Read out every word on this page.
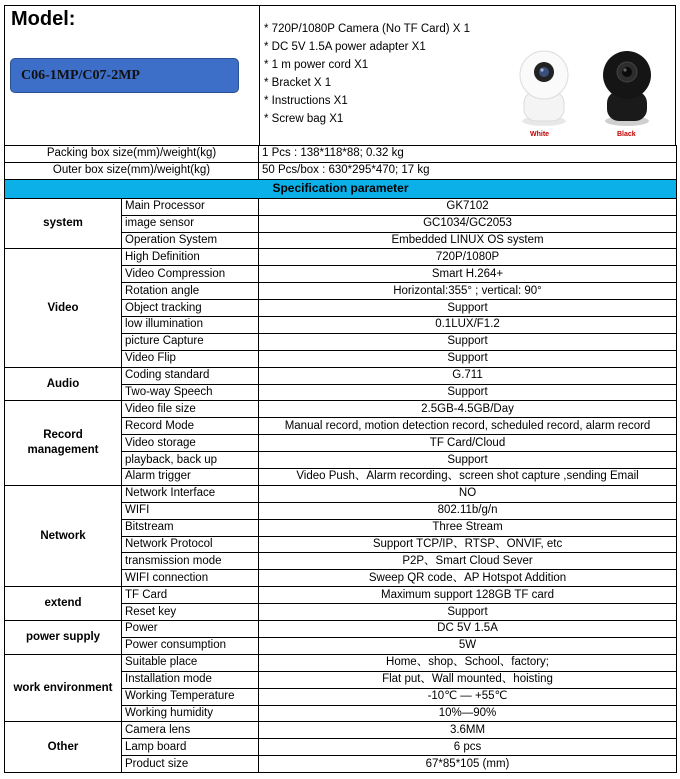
Model:
C06-1MP/C07-2MP
* 720P/1080P Camera (No TF Card) X 1
* DC 5V 1.5A power adapter X1
* 1 m power cord X1
* Bracket X 1
* Instructions X1
* Screw bag X1
White	Black
Packing box size(mm)/weight(kg)		1 Pcs : 138*118*88; 0.32 kg
Outer box size(mm)/weight(kg)		50 Pcs/box : 630*295*470; 17 kg
Specification parameter		
system	Main Processor	GK7102
	image sensor	GC1034/GC2053
	Operation System	Embedded LINUX OS system
Video	High Definition	720P/1080P
	Video Compression	Smart H.264+
	Rotation angle	Horizontal:355° ; vertical: 90°
	Object tracking	Support
	low illumination	0.1LUX/F1.2
	picture Capture	Support
	Video Flip	Support
Audio	Coding standard	G.711
	Two-way Speech	Support
Record management	Video file size	2.5GB-4.5GB/Day
	Record Mode	Manual record, motion detection record, scheduled record, alarm record
	Video storage	TF Card/Cloud
	playback, back up	Support
	Alarm trigger	Video Push、Alarm recording、screen shot capture ,sending Email
Network	Network Interface	NO
	WIFI	802.11b/g/n
	Bitstream	Three Stream
	Network Protocol	Support TCP/IP、RTSP、ONVIF, etc
	transmission mode	P2P、Smart Cloud Sever
	WIFI connection	Sweep QR code、AP Hotspot Addition
extend	TF Card	Maximum support 128GB TF card
	Reset key	Support
power supply	Power	DC 5V 1.5A
	Power consumption	5W
work environment	Suitable place	Home、shop、School、factory;
	Installation mode	Flat put、Wall mounted、hoisting
	Working Temperature	-10℃ — +55℃
	Working humidity	10%—90%
Other	Camera lens	3.6MM
	Lamp board	6 pcs
	Product size	67*85*105 (mm)
